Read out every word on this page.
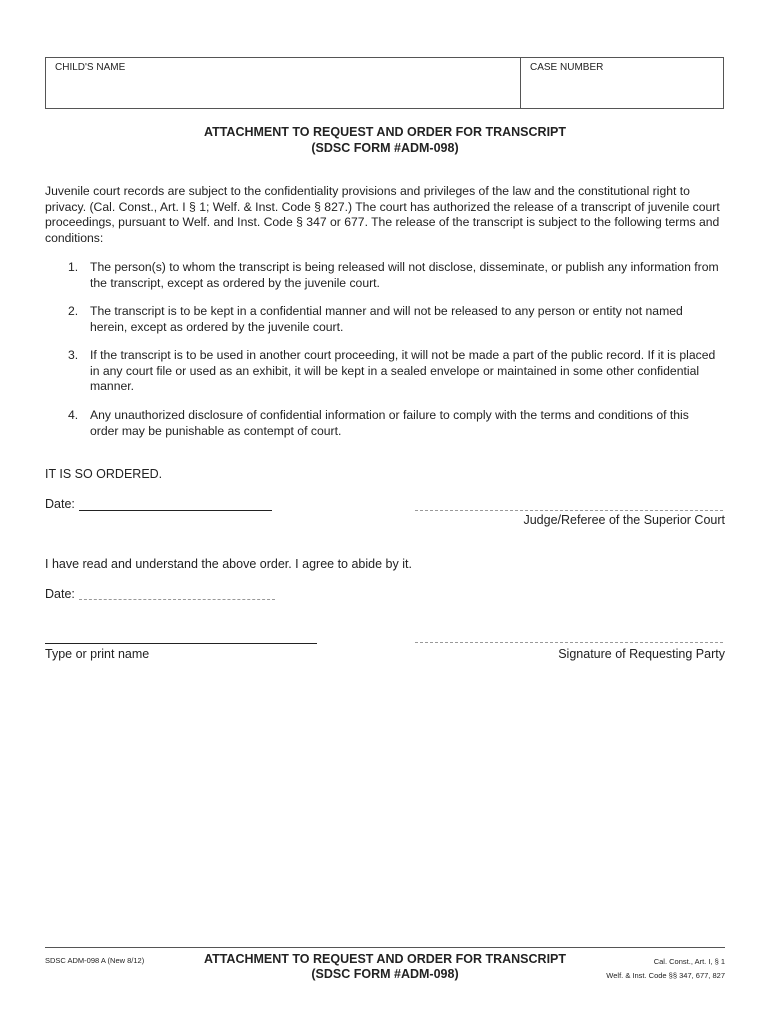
CHILD'S NAME	CASE NUMBER
ATTACHMENT TO REQUEST AND ORDER FOR TRANSCRIPT
(SDSC FORM #ADM-098)
Juvenile court records are subject to the confidentiality provisions and privileges of the law and the constitutional right to privacy. (Cal. Const., Art. I § 1; Welf. & Inst. Code § 827.) The court has authorized the release of a transcript of juvenile court proceedings, pursuant to Welf. and Inst. Code § 347 or 677. The release of the transcript is subject to the following terms and conditions:
1. The person(s) to whom the transcript is being released will not disclose, disseminate, or publish any information from the transcript, except as ordered by the juvenile court.
2. The transcript is to be kept in a confidential manner and will not be released to any person or entity not named herein, except as ordered by the juvenile court.
3. If the transcript is to be used in another court proceeding, it will not be made a part of the public record. If it is placed in any court file or used as an exhibit, it will be kept in a sealed envelope or maintained in some other confidential manner.
4. Any unauthorized disclosure of confidential information or failure to comply with the terms and conditions of this order may be punishable as contempt of court.
IT IS SO ORDERED.
Date:
Judge/Referee of the Superior Court
I have read and understand the above order. I agree to abide by it.
Date:
Type or print name	Signature of Requesting Party
SDSC ADM-098 A (New 8/12)	ATTACHMENT TO REQUEST AND ORDER FOR TRANSCRIPT
(SDSC FORM #ADM-098)
Cal. Const., Art. I, § 1
Welf. & Inst. Code §§ 347, 677, 827
